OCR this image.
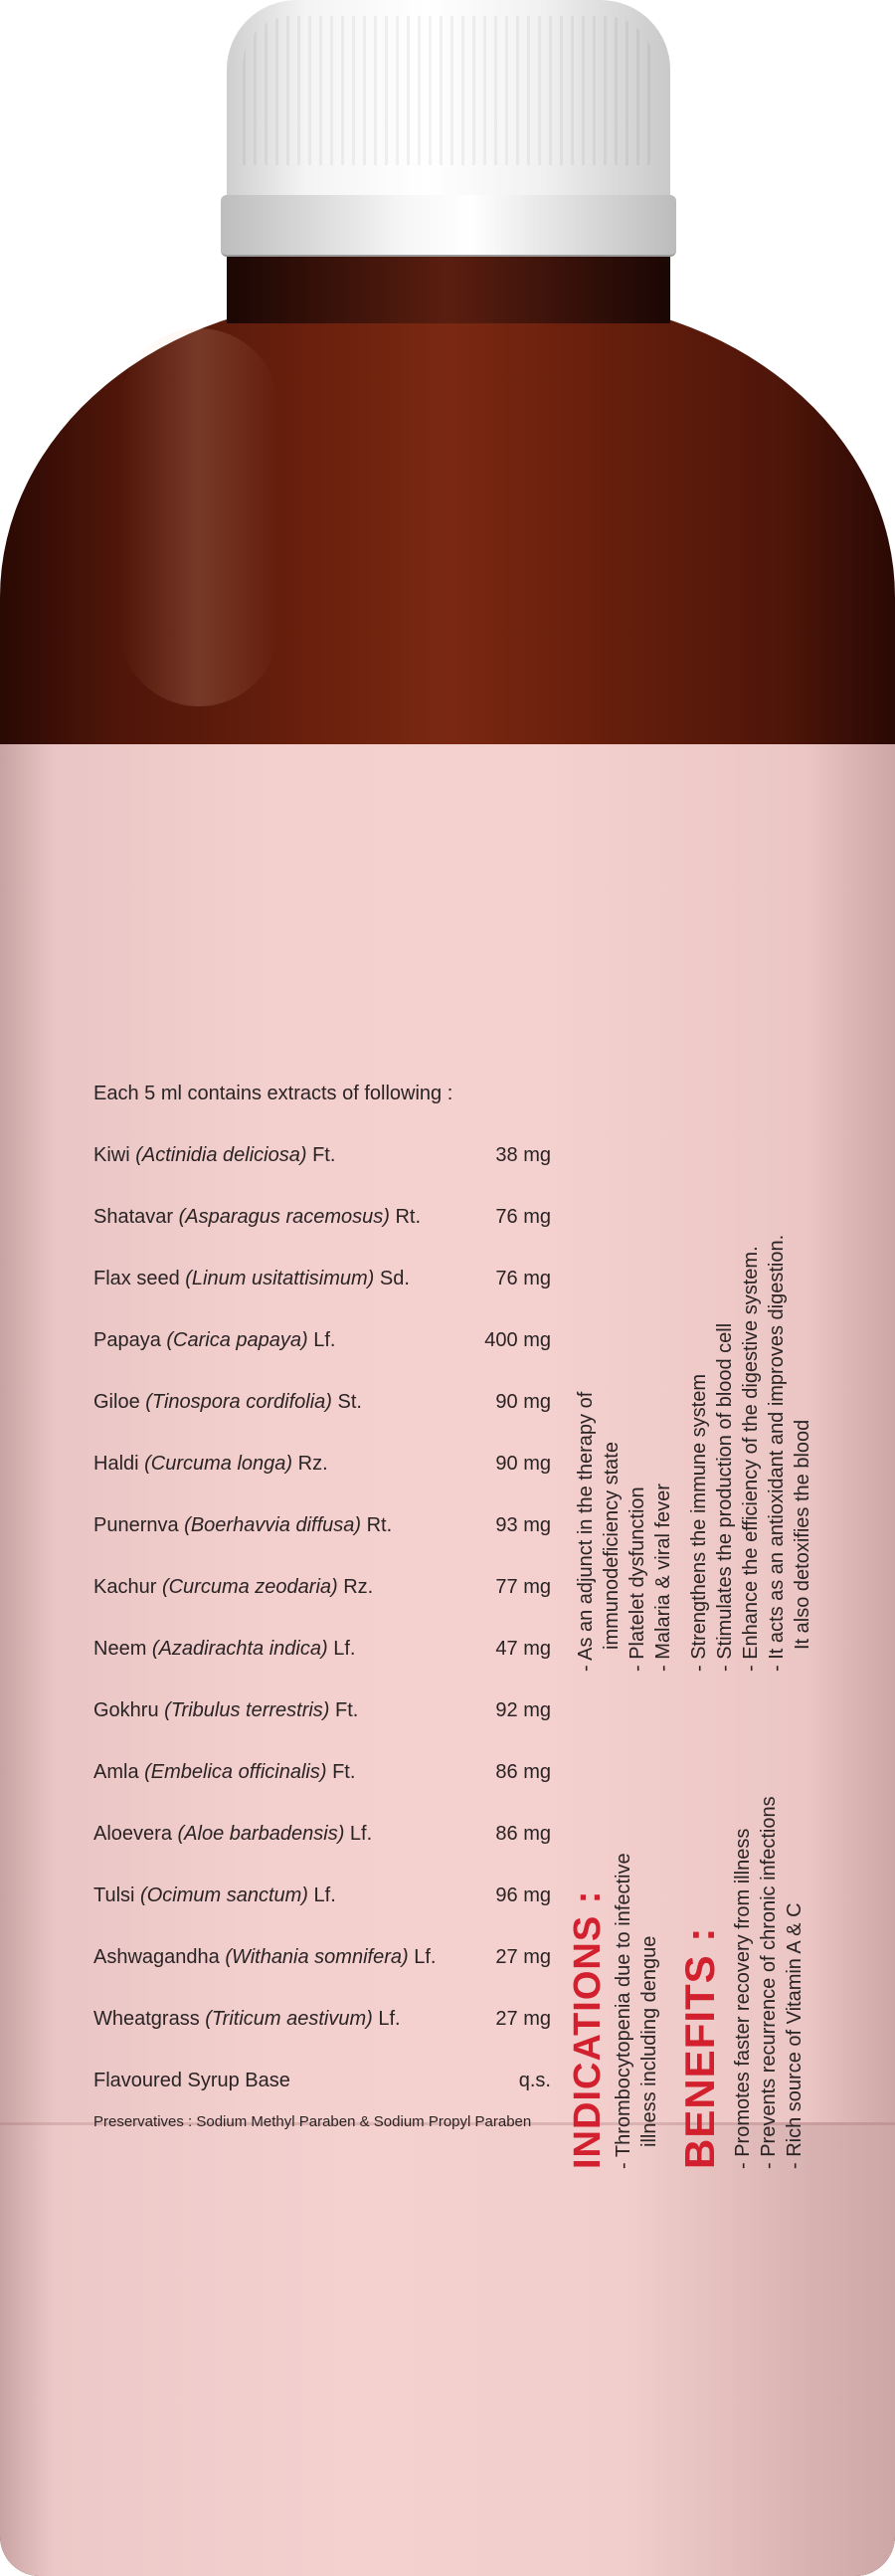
Each 5 ml contains extracts of following :
Kiwi (Actinidia deliciosa) Ft.	38 mg
Shatavar (Asparagus racemosus) Rt.	76 mg
Flax seed (Linum usitattisimum) Sd.	76 mg
Papaya (Carica papaya) Lf.	400 mg
Giloe (Tinospora cordifolia) St.	90 mg
Haldi (Curcuma longa) Rz.	90 mg
Punernva (Boerhavvia diffusa) Rt.	93 mg
Kachur (Curcuma zeodaria) Rz.	77 mg
Neem (Azadirachta indica) Lf.	47 mg
Gokhru (Tribulus terrestris) Ft.	92 mg
Amla (Embelica officinalis) Ft.	86 mg
Aloevera (Aloe barbadensis) Lf.	86 mg
Tulsi (Ocimum sanctum) Lf.	96 mg
Ashwagandha (Withania somnifera) Lf.	27 mg
Wheatgrass (Triticum aestivum) Lf.	27 mg
Flavoured Syrup Base	q.s.
Preservatives : Sodium Methyl Paraben & Sodium Propyl Paraben INDICATIONS : - Thrombocytopenia due to infective illness including dengue
- As an adjunct in the therapy of immunodeficiency state - Platelet dysfunction - Malaria & viral fever
BENEFITS : - Promotes faster recovery from illness - Prevents recurrence of chronic infections - Rich source of Vitamin A & C
- Strengthens the immune system - Stimulates the production of blood cell - Enhance the efficiency of the digestive system. - It acts as an antioxidant and improves digestion. It also detoxifies the blood
